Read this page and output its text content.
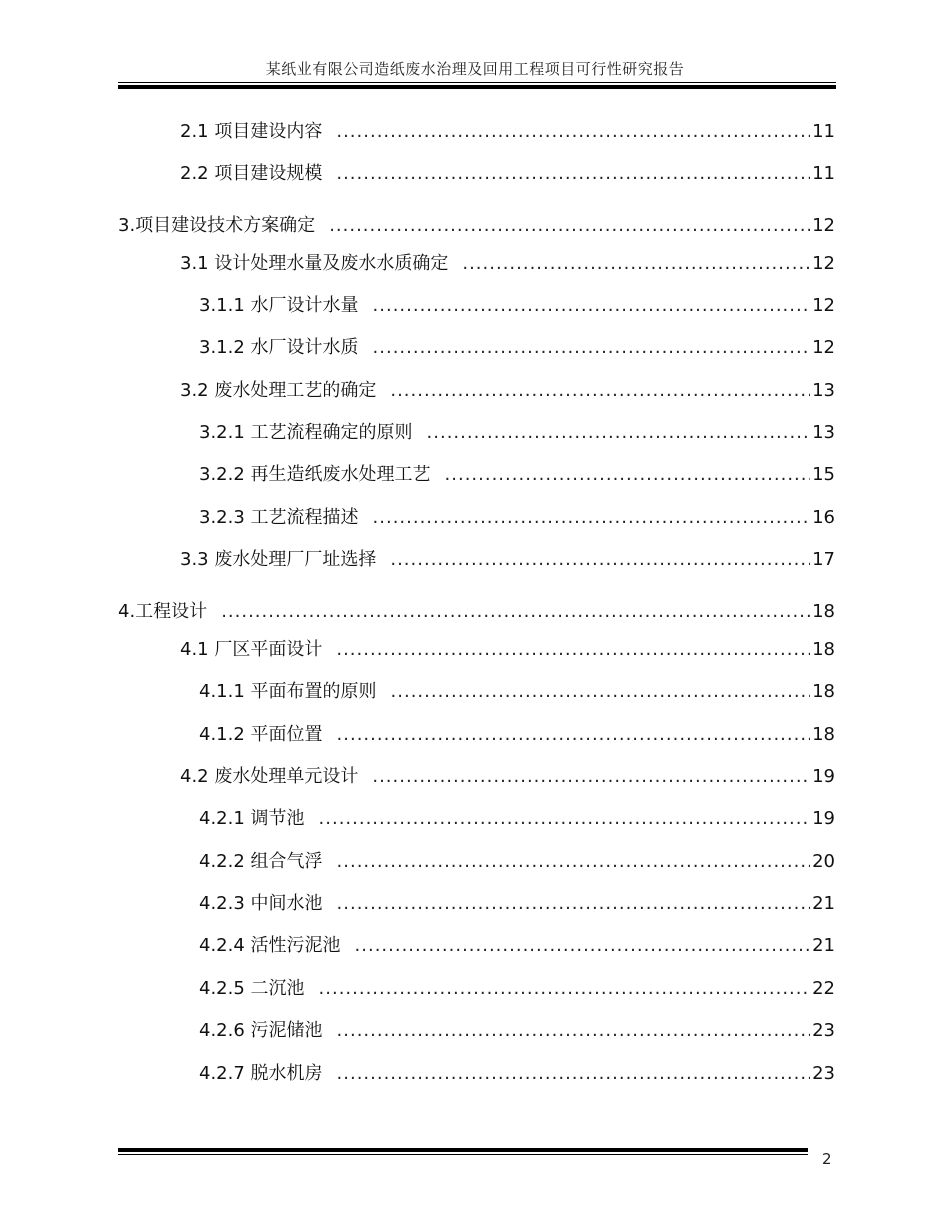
某纸业有限公司造纸废水治理及回用工程项目可行性研究报告
2.1 项目建设内容 .....	11
2.2 项目建设规模 .....	11
3.项目建设技术方案确定 .....	12
3.1 设计处理水量及废水水质确定 .....	12
3.1.1 水厂设计水量 .....	12
3.1.2 水厂设计水质 .....	12
3.2 废水处理工艺的确定 .....	13
3.2.1 工艺流程确定的原则 .....	13
3.2.2 再生造纸废水处理工艺 .....	15
3.2.3 工艺流程描述 .....	16
3.3 废水处理厂厂址选择 .....	17
4.工程设计 .....	18
4.1 厂区平面设计 .....	18
4.1.1 平面布置的原则 .....	18
4.1.2 平面位置 .....	18
4.2 废水处理单元设计 .....	19
4.2.1 调节池 .....	19
4.2.2 组合气浮 .....	20
4.2.3 中间水池 .....	21
4.2.4 活性污泥池 .....	21
4.2.5 二沉池 .....	22
4.2.6 污泥储池 .....	23
4.2.7 脱水机房 .....	23
2
